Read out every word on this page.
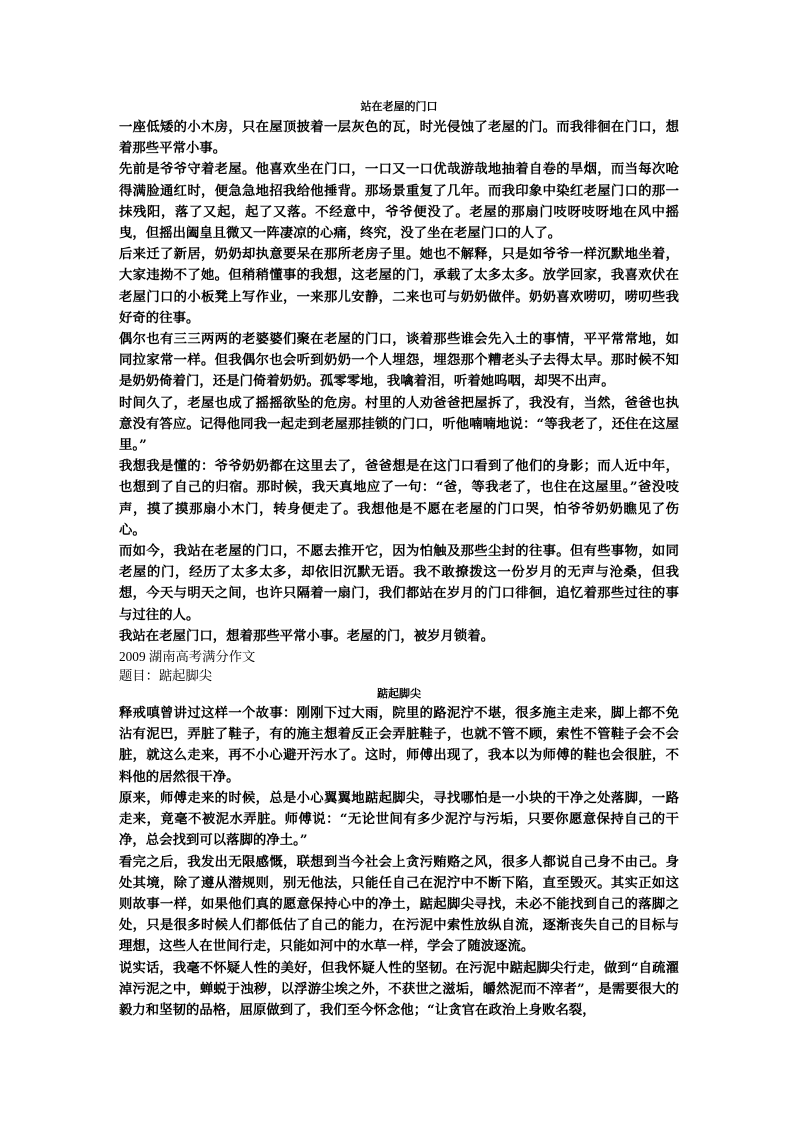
站在老屋的门口

一座低矮的小木房，只在屋顶披着一层灰色的瓦，时光侵蚀了老屋的门。而我徘徊在门口，想着那些平常小事。

先前是爷爷守着老屋。他喜欢坐在门口，一口又一口优哉游哉地抽着自卷的旱烟，而当每次呛得满脸通红时，便急急地招我给他捶背。那场景重复了几年。而我印象中染红老屋门口的那一抹残阳，落了又起，起了又落。不经意中，爷爷便没了。老屋的那扇门吱呀吱呀地在风中摇曳，但摇出阖皇且微又一阵凄凉的心痛，终究，没了坐在老屋门口的人了。

后来迁了新居，奶奶却执意要呆在那所老房子里。她也不解释，只是如爷爷一样沉默地坐着，大家违拗不了她。但稍稍懂事的我想，这老屋的门，承载了太多太多。放学回家，我喜欢伏在老屋门口的小板凳上写作业，一来那儿安静，二来也可与奶奶做伴。奶奶喜欢唠叨，唠叨些我好奇的往事。

偶尔也有三三两两的老婆婆们聚在老屋的门口，谈着那些谁会先入土的事情，平平常常地，如同拉家常一样。但我偶尔也会听到奶奶一个人埋怨，埋怨那个糟老头子去得太早。那时候不知是奶奶倚着门，还是门倚着奶奶。孤零零地，我噙着泪，听着她呜咽，却哭不出声。

时间久了，老屋也成了摇摇欲坠的危房。村里的人劝爸爸把屋拆了，我没有，当然，爸爸也执意没有答应。记得他同我一起走到老屋那挂锁的门口，听他喃喃地说：“等我老了，还住在这屋里。”

我想我是懂的：爷爷奶奶都在这里去了，爸爸想是在这门口看到了他们的身影；而人近中年，也想到了自己的归宿。那时候，我天真地应了一句：“爸，等我老了，也住在这屋里。”爸没吱声，摸了摸那扇小木门，转身便走了。我想他是不愿在老屋的门口哭，怕爷爷奶奶瞧见了伤心。

而如今，我站在老屋的门口，不愿去推开它，因为怕触及那些尘封的往事。但有些事物，如同老屋的门，经历了太多太多，却依旧沉默无语。我不敢撩拨这一份岁月的无声与沧桑，但我想，今天与明天之间，也许只隔着一扇门，我们都站在岁月的门口徘徊，追忆着那些过往的事与过往的人。

我站在老屋门口，想着那些平常小事。老屋的门，被岁月锁着。

2009 湖南高考满分作文

题目：踮起脚尖

踮起脚尖

释戒嗔曾讲过这样一个故事：刚刚下过大雨，院里的路泥泞不堪，很多施主走来，脚上都不免沾有泥巴，弄脏了鞋子，有的施主想着反正会弄脏鞋子，也就不管不顾，索性不管鞋子会不会脏，就这么走来，再不小心避开污水了。这时，师傅出现了，我本以为师傅的鞋也会很脏，不料他的居然很干净。

原来，师傅走来的时候，总是小心翼翼地踮起脚尖，寻找哪怕是一小块的干净之处落脚，一路走来，竟毫不被泥水弄脏。师傅说：“无论世间有多少泥泞与污垢，只要你愿意保持自己的干净，总会找到可以落脚的净土。”

看完之后，我发出无限感慨，联想到当今社会上贪污贿赂之风，很多人都说自己身不由己。身处其境，除了遵从潜规则，别无他法，只能任自己在泥泞中不断下陷，直至毁灭。其实正如这则故事一样，如果他们真的愿意保持心中的净土，踮起脚尖寻找，未必不能找到自己的落脚之处，只是很多时候人们都低估了自己的能力，在污泥中索性放纵自流，逐渐丧失自己的目标与理想，这些人在世间行走，只能如河中的水草一样，学会了随波逐流。

说实话，我毫不怀疑人性的美好，但我怀疑人性的坚韧。在污泥中踮起脚尖行走，做到“自疏濯淖污泥之中，蝉蜕于浊秽，以浮游尘埃之外，不获世之滋垢，皭然泥而不滓者”，是需要很大的毅力和坚韧的品格，屈原做到了，我们至今怀念他；“让贪官在政治上身败名裂，
